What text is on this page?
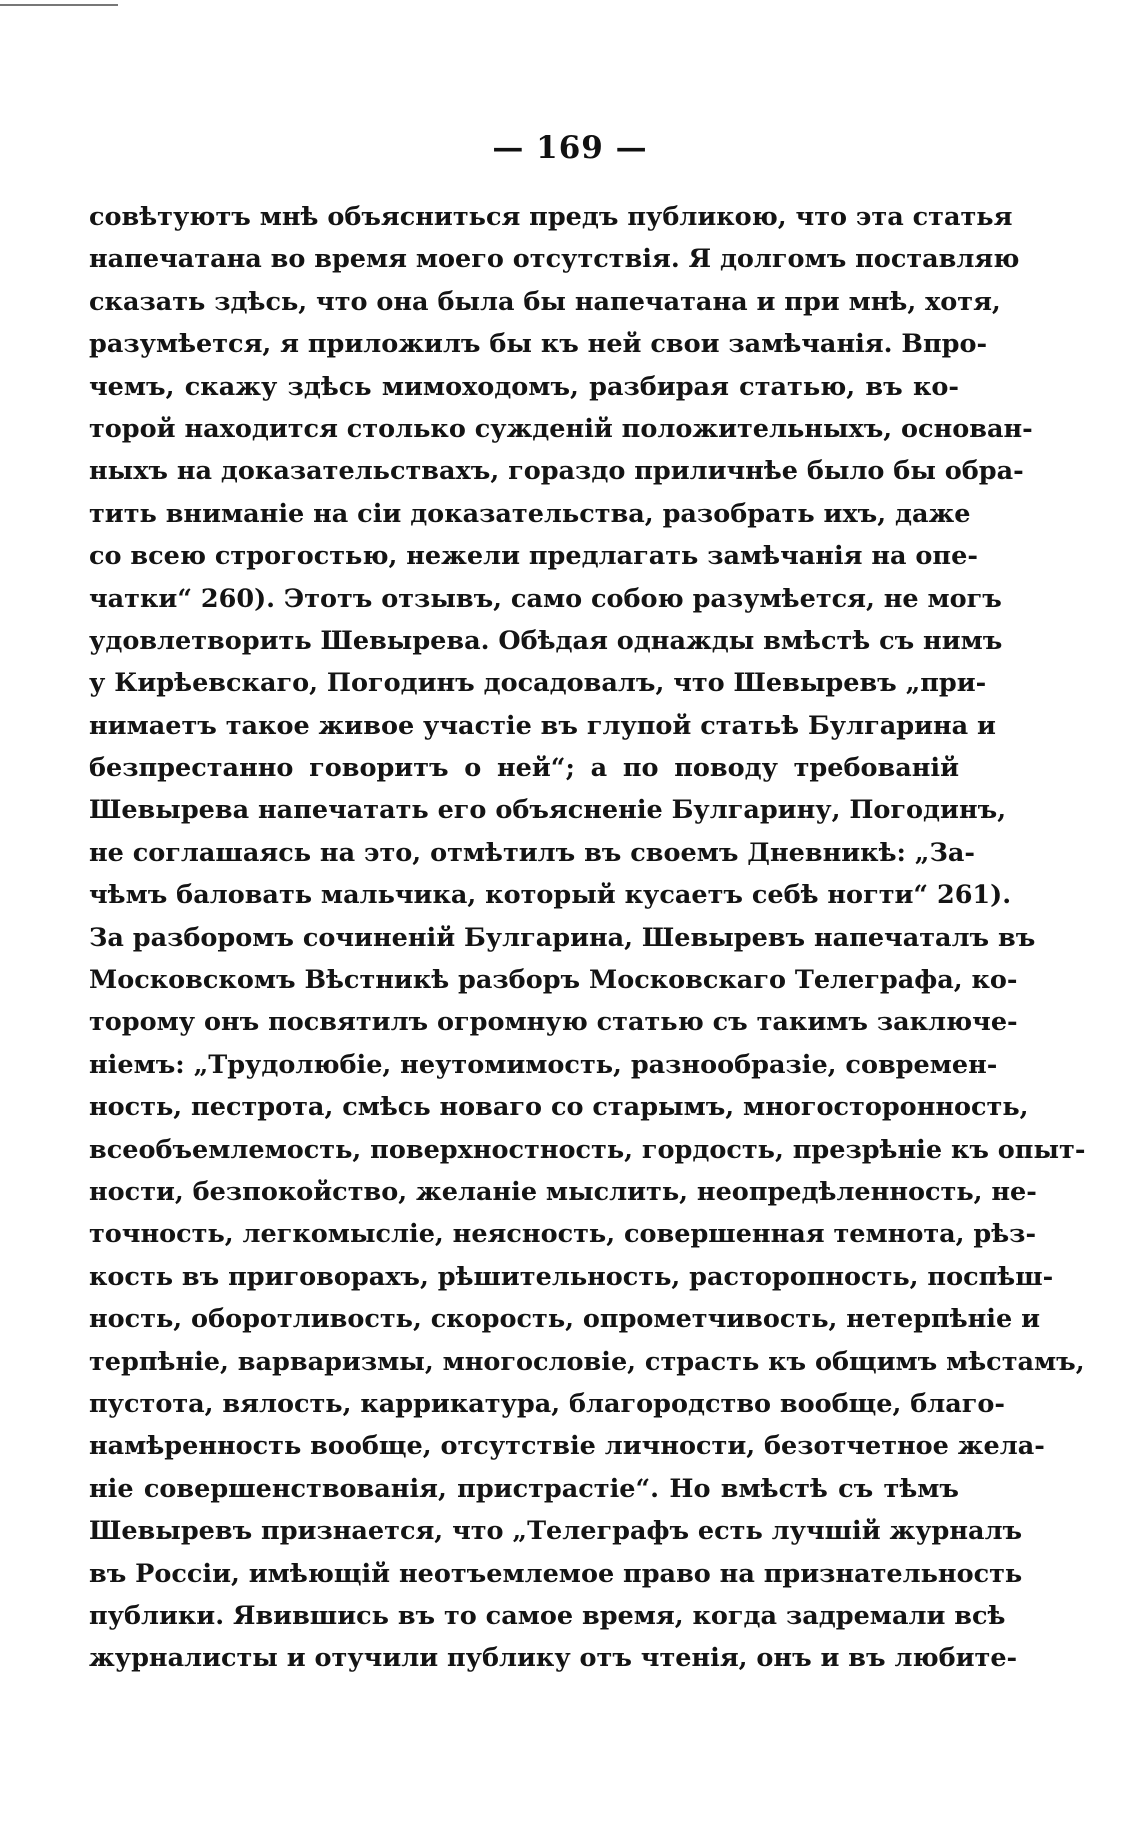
— 169 —
совѣтуютъ мнѣ объясниться предъ публикою, что эта статья
напечатана во время моего отсутствія. Я долгомъ поставляю
сказать здѣсь, что она была бы напечатана и при мнѣ, хотя,
разумѣется, я приложилъ бы къ ней свои замѣчанія. Впро-
чемъ, скажу здѣсь мимоходомъ, разбирая статью, въ ко-
торой находится столько сужденій положительныхъ, основан-
ныхъ на доказательствахъ, гораздо приличнѣе было бы обра-
тить вниманіе на сіи доказательства, разобрать ихъ, даже
со всею строгостью, нежели предлагать замѣчанія на опе-
чатки“ 260). Этотъ отзывъ, само собою разумѣется, не могъ
удовлетворить Шевырева. Обѣдая однажды вмѣстѣ съ нимъ
у Кирѣевскаго, Погодинъ досадовалъ, что Шевыревъ „при-
нимаетъ такое живое участіе въ глупой статьѣ Булгарина и
безпрестанно говоритъ о ней“; а по поводу требованій
Шевырева напечатать его объясненіе Булгарину, Погодинъ,
не соглашаясь на это, отмѣтилъ въ своемъ Дневникѣ: „За-
чѣмъ баловать мальчика, который кусаетъ себѣ ногти“ 261).
За разборомъ сочиненій Булгарина, Шевыревъ напечаталъ въ
Московскомъ Вѣстникѣ разборъ Московскаго Телеграфа, ко-
торому онъ посвятилъ огромную статью съ такимъ заключе-
ніемъ: „Трудолюбіе, неутомимость, разнообразіе, современ-
ность, пестрота, смѣсь новаго со старымъ, многосторонность,
всеобъемлемость, поверхностность, гордость, презрѣніе къ опыт-
ности, безпокойство, желаніе мыслить, неопредѣленность, не-
точность, легкомысліе, неясность, совершенная темнота, рѣз-
кость въ приговорахъ, рѣшительность, расторопность, поспѣш-
ность, оборотливость, скорость, опрометчивость, нетерпѣніе и
терпѣніе, варваризмы, многословіе, страсть къ общимъ мѣстамъ,
пустота, вялость, каррикатура, благородство вообще, благо-
намѣренность вообще, отсутствіе личности, безотчетное жела-
ніе совершенствованія, пристрастіе“. Но вмѣстѣ съ тѣмъ
Шевыревъ признается, что „Телеграфъ есть лучшій журналъ
въ Россіи, имѣющій неотъемлемое право на признательность
публики. Явившись въ то самое время, когда задремали всѣ
журналисты и отучили публику отъ чтенія, онъ и въ любите-
